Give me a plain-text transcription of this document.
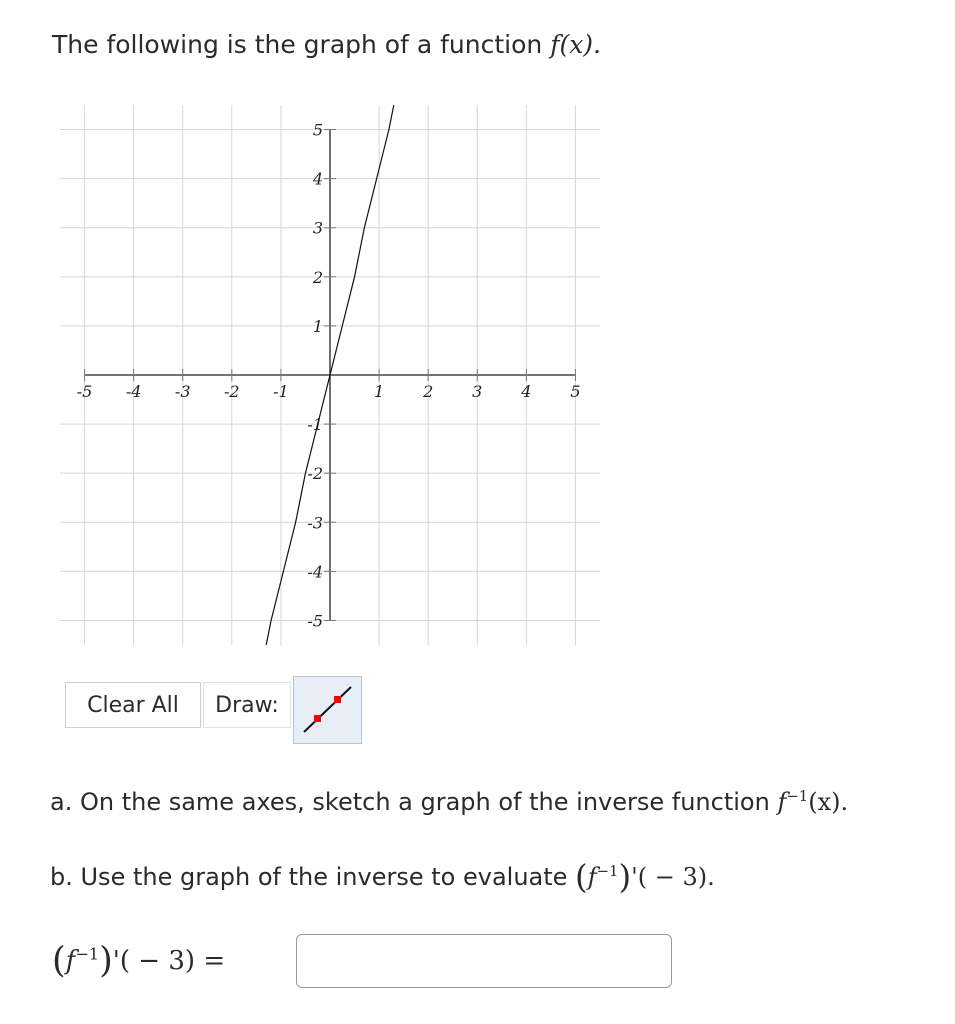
The following is the graph of a function f(x).
-5 -4 -3 -2 -1	1 2 3 4 5
5
4
3
2
1
-1
-2
-3
-4
-5
Clear All	Draw:
a. On the same axes, sketch a graph of the inverse function $f^{-1}(x)$.
b. Use the graph of the inverse to evaluate $(f^{-1})'( - 3)$.
$(f^{-1})'( - 3)$ =
